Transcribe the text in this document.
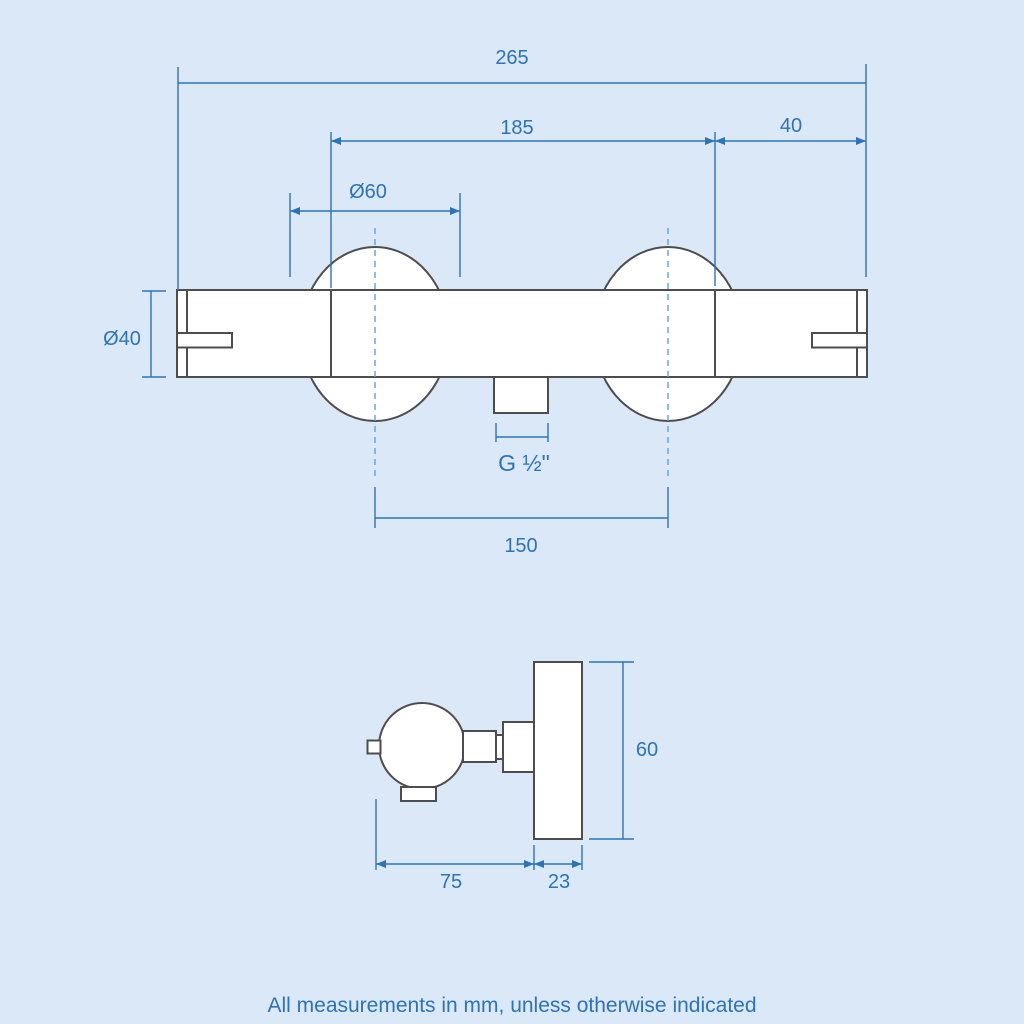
265
185	40
Ø60
Ø40
G ½"
150
60
75	23
All measurements in mm, unless otherwise indicated
